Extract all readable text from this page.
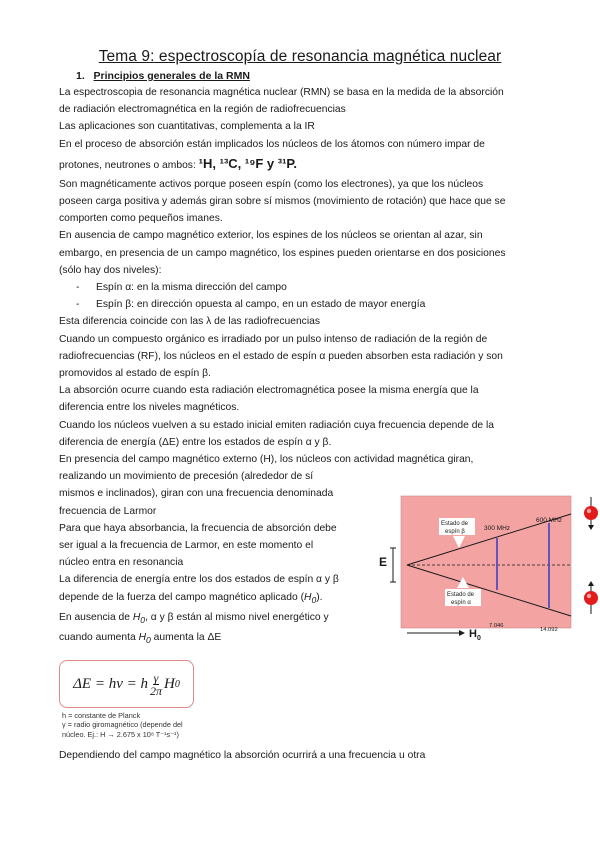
Tema 9: espectroscopía de resonancia magnética nuclear
1. Principios generales de la RMN

La espectroscopia de resonancia magnética nuclear (RMN) se basa en la medida de la absorción

de radiación electromagnética en la región de radiofrecuencias

Las aplicaciones son cuantitativas, complementa a la IR

En el proceso de absorción están implicados los núcleos de los átomos con número impar de

protones, neutrones o ambos: ¹H, ¹³C, ¹⁹F y ³¹P.

Son magnéticamente activos porque poseen espín (como los electrones), ya que los núcleos

poseen carga positiva y además giran sobre sí mismos (movimiento de rotación) que hace que se

comporten como pequeños imanes.

En ausencia de campo magnético exterior, los espines de los núcleos se orientan al azar, sin

embargo, en presencia de un campo magnético, los espines pueden orientarse en dos posiciones

(sólo hay dos niveles):

- Espín α: en la misma dirección del campo

- Espín β: en dirección opuesta al campo, en un estado de mayor energía

Esta diferencia coincide con las λ de las radiofrecuencias

Cuando un compuesto orgánico es irradiado por un pulso intenso de radiación de la región de

radiofrecuencias (RF), los núcleos en el estado de espín α pueden absorben esta radiación y son

promovidos al estado de espín β.

La absorción ocurre cuando esta radiación electromagnética posee la misma energía que la

diferencia entre los niveles magnéticos.

Cuando los núcleos vuelven a su estado inicial emiten radiación cuya frecuencia depende de la

diferencia de energía (ΔE) entre los estados de espín α y β.

En presencia del campo magnético externo (H), los núcleos con actividad magnética giran,

realizando un movimiento de precesión (alrededor de sí

mismos e inclinados), giran con una frecuencia denominada

frecuencia de Larmor

Para que haya absorbancia, la frecuencia de absorción debe

ser igual a la frecuencia de Larmor, en este momento el

núcleo entra en resonancia

La diferencia de energía entre los dos estados de espín α y β

depende de la fuerza del campo magnético aplicado $(H_0)$.

En ausencia de $H_0$, α y β están al mismo nivel energético y

cuando aumenta $H_0$ aumenta la ΔE

E
Estado de
espín β
Estado de
espín α
300 MHz
600 MHz
H 0
7.046
14.092
ΔE = hν = h $\frac{\gamma}{2\pi}$ H 0

h = constante de Planck

γ = radio giromagnético (depende del

núcleo. Ej.: H → 2.675 x 10⁸ T⁻¹s⁻¹)

Dependiendo del campo magnético la absorción ocurrirá a una frecuencia u otra
